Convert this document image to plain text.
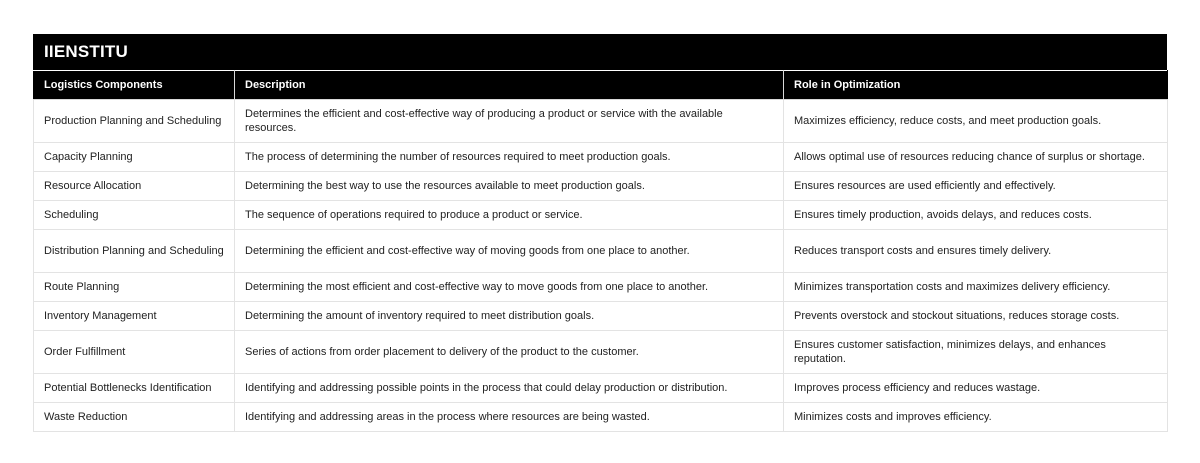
IIENSTITU
Logistics Components	Description	Role in Optimization
Production Planning and Scheduling	Determines the efficient and cost-effective way of producing a product or service with the available resources.	Maximizes efficiency, reduce costs, and meet production goals.
Capacity Planning	The process of determining the number of resources required to meet production goals.	Allows optimal use of resources reducing chance of surplus or shortage.
Resource Allocation	Determining the best way to use the resources available to meet production goals.	Ensures resources are used efficiently and effectively.
Scheduling	The sequence of operations required to produce a product or service.	Ensures timely production, avoids delays, and reduces costs.
Distribution Planning and Scheduling	Determining the efficient and cost-effective way of moving goods from one place to another.	Reduces transport costs and ensures timely delivery.
Route Planning	Determining the most efficient and cost-effective way to move goods from one place to another.	Minimizes transportation costs and maximizes delivery efficiency.
Inventory Management	Determining the amount of inventory required to meet distribution goals.	Prevents overstock and stockout situations, reduces storage costs.
Order Fulfillment	Series of actions from order placement to delivery of the product to the customer.	Ensures customer satisfaction, minimizes delays, and enhances reputation.
Potential Bottlenecks Identification	Identifying and addressing possible points in the process that could delay production or distribution.	Improves process efficiency and reduces wastage.
Waste Reduction	Identifying and addressing areas in the process where resources are being wasted.	Minimizes costs and improves efficiency.
